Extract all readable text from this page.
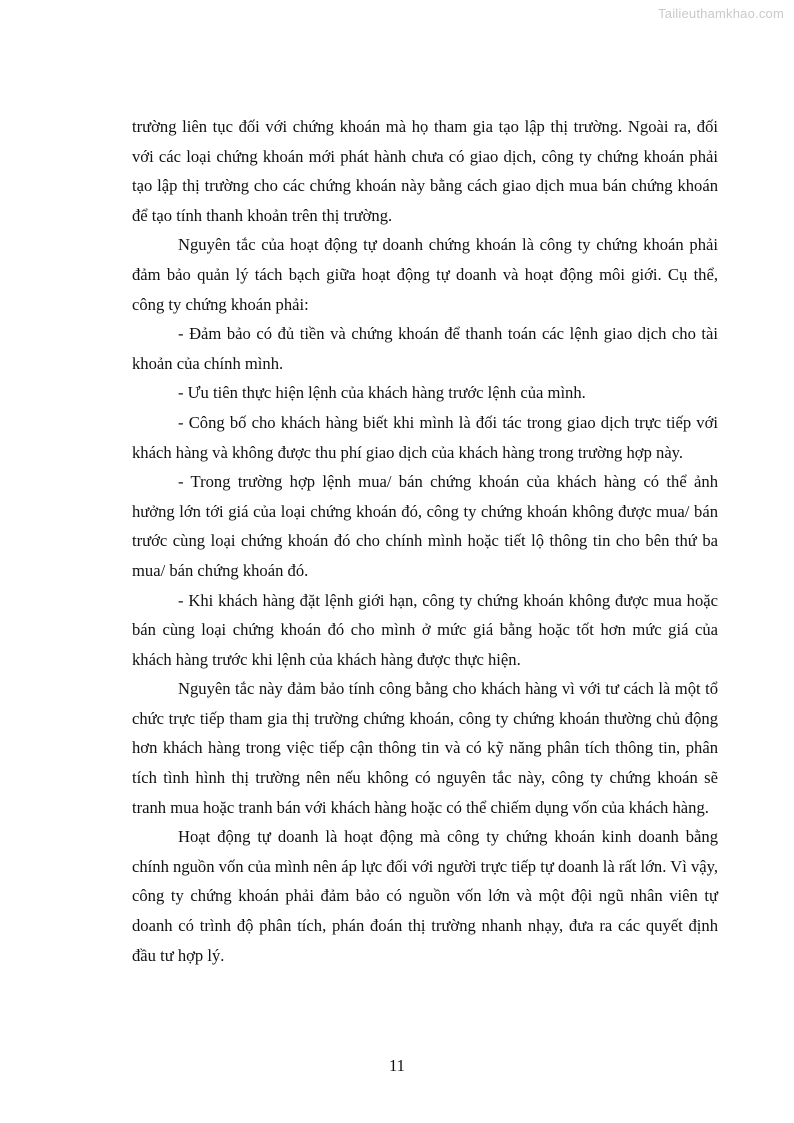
Tailieuthamkhao.com

trường liên tục đối với chứng khoán mà họ tham gia tạo lập thị trường. Ngoài ra, đối với các loại chứng khoán mới phát hành chưa có giao dịch, công ty chứng khoán phải tạo lập thị trường cho các chứng khoán này bằng cách giao dịch mua bán chứng khoán để tạo tính thanh khoản trên thị trường.

Nguyên tắc của hoạt động tự doanh chứng khoán là công ty chứng khoán phải đảm bảo quản lý tách bạch giữa hoạt động tự doanh và hoạt động môi giới. Cụ thể, công ty chứng khoán phải:

- Đảm bảo có đủ tiền và chứng khoán để thanh toán các lệnh giao dịch cho tài khoản của chính mình.

- Ưu tiên thực hiện lệnh của khách hàng trước lệnh của mình.

- Công bố cho khách hàng biết khi mình là đối tác trong giao dịch trực tiếp với khách hàng và không được thu phí giao dịch của khách hàng trong trường hợp này.

- Trong trường hợp lệnh mua/ bán chứng khoán của khách hàng có thể ảnh hưởng lớn tới giá của loại chứng khoán đó, công ty chứng khoán không được mua/ bán trước cùng loại chứng khoán đó cho chính mình hoặc tiết lộ thông tin cho bên thứ ba mua/ bán chứng khoán đó.

- Khi khách hàng đặt lệnh giới hạn, công ty chứng khoán không được mua hoặc bán cùng loại chứng khoán đó cho mình ở mức giá bằng hoặc tốt hơn mức giá của khách hàng trước khi lệnh của khách hàng được thực hiện.

Nguyên tắc này đảm bảo tính công bằng cho khách hàng vì với tư cách là một tổ chức trực tiếp tham gia thị trường chứng khoán, công ty chứng khoán thường chủ động hơn khách hàng trong việc tiếp cận thông tin và có kỹ năng phân tích thông tin, phân tích tình hình thị trường nên nếu không có nguyên tắc này, công ty chứng khoán sẽ tranh mua hoặc tranh bán với khách hàng hoặc có thể chiếm dụng vốn của khách hàng.

Hoạt động tự doanh là hoạt động mà công ty chứng khoán kinh doanh bằng chính nguồn vốn của mình nên áp lực đối với người trực tiếp tự doanh là rất lớn. Vì vậy, công ty chứng khoán phải đảm bảo có nguồn vốn lớn và một đội ngũ nhân viên tự doanh có trình độ phân tích, phán đoán thị trường nhanh nhạy, đưa ra các quyết định đầu tư hợp lý.

11
